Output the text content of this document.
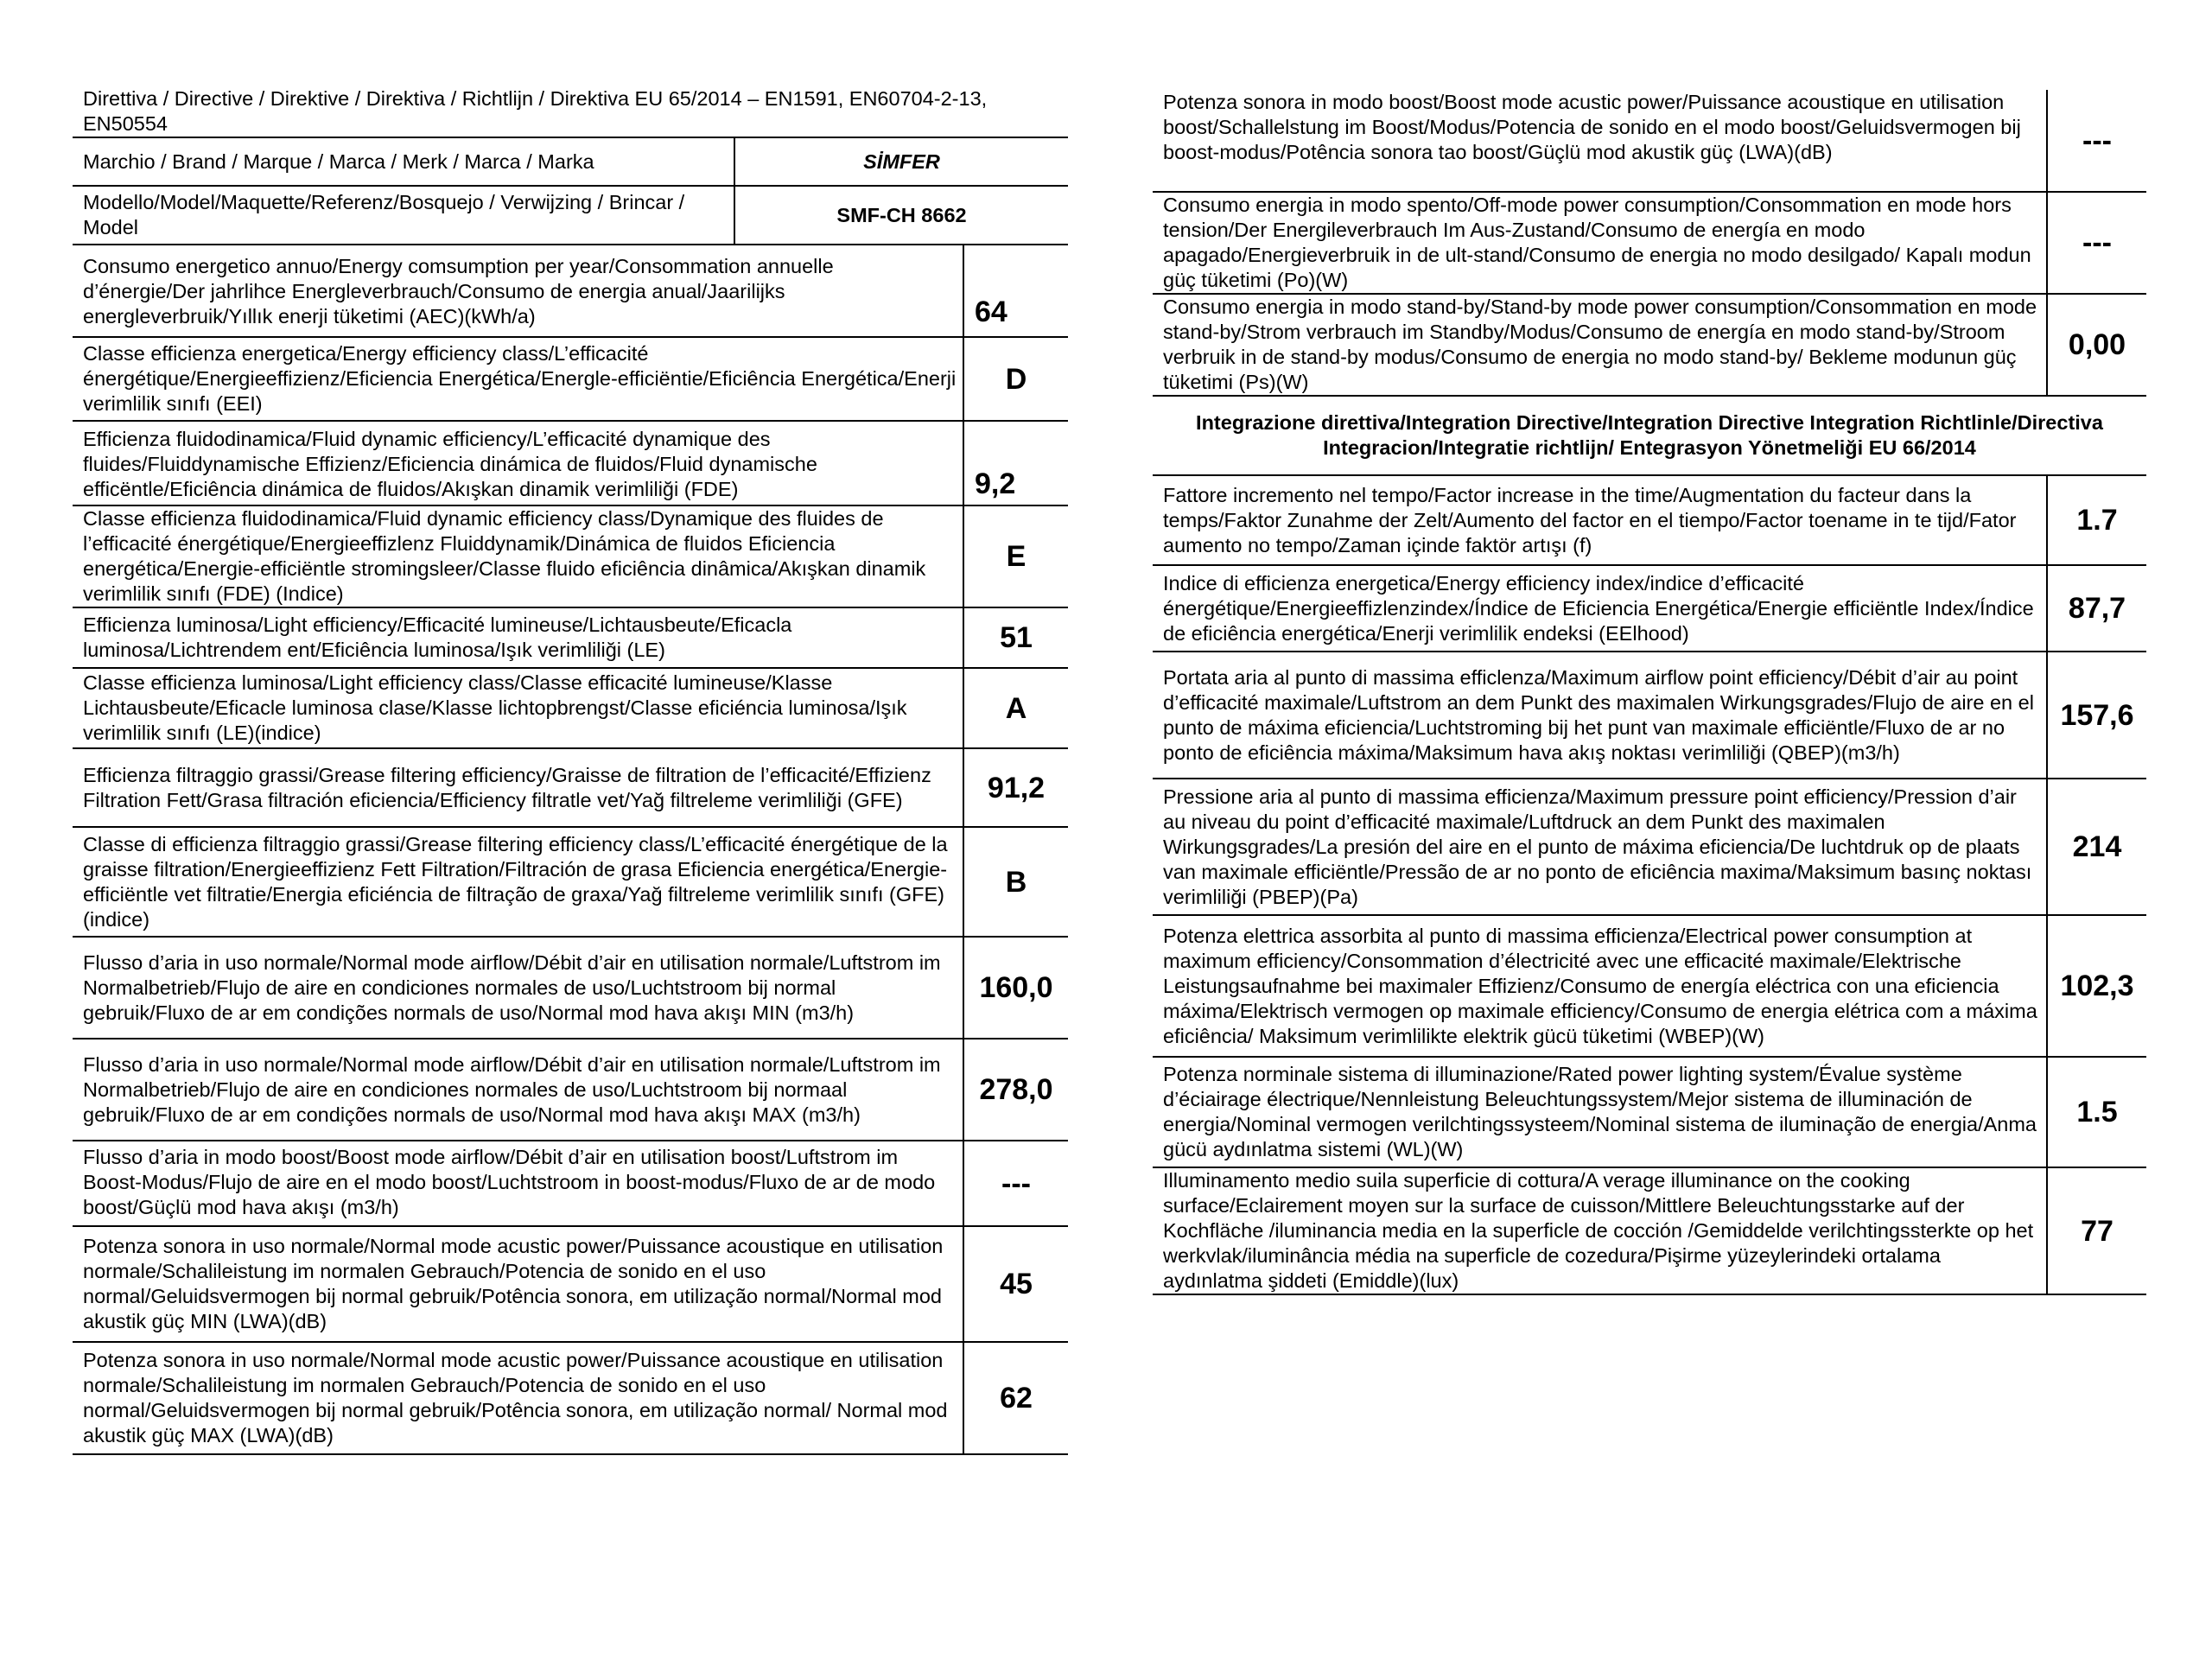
Direttiva / Directive / Direktive / Direktiva / Richtlijn / Direktiva EU 65/2014 – EN1591, EN60704-2-13, EN50554		
Marchio / Brand / Marque / Marca / Merk / Marca / Marka	SİMFER	
Modello/Model/Maquette/Referenz/Bosquejo / Verwijzing / Brincar / Model	SMF-CH 8662	
Consumo energetico annuo/Energy comsumption per year/Consommation annuelle d’énergie/Der jahrlihce Energleverbrauch/Consumo de energia anual/Jaarilijks energleverbruik/Yıllık enerji tüketimi (AEC)(kWh/a)		64
Classe efficienza energetica/Energy efficiency class/L’efficacité énergétique/Energieeffizienz/Eficiencia Energética/Energle-efficiëntie/Eficiência Energética/Enerji verimlilik sınıfı (EEI)		D
Efficienza fluidodinamica/Fluid dynamic efficiency/L’efficacité dynamique des fluides/Fluiddynamische Effizienz/Eficiencia dinámica de fluidos/Fluid dynamische efficëntle/Eficiência dinámica de fluidos/Akışkan dinamik verimliliği (FDE)		9,2
Classe efficienza fluidodinamica/Fluid dynamic efficiency class/Dynamique des fluides de l’efficacité énergétique/Energieeffizlenz Fluiddynamik/Dinámica de fluidos Eficiencia energética/Energie-efficiëntle stromingsleer/Classe fluido eficiência dinâmica/Akışkan dinamik verimlilik sınıfı (FDE) (Indice)		E
Efficienza luminosa/Light efficiency/Efficacité lumineuse/Lichtausbeute/Eficacla luminosa/Lichtrendem ent/Eficiência luminosa/Işık verimliliği (LE)		51
Classe efficienza luminosa/Light efficiency class/Classe efficacité lumineuse/Klasse Lichtausbeute/Eficacle luminosa clase/Klasse lichtopbrengst/Classe eficiéncia luminosa/Işık verimlilik sınıfı (LE)(indice)		A
Efficienza filtraggio grassi/Grease filtering efficiency/Graisse de filtration de l’efficacité/Effizienz Filtration Fett/Grasa filtración eficiencia/Efficiency filtratle vet/Yağ filtreleme verimliliği (GFE)		91,2
Classe di efficienza filtraggio grassi/Grease filtering efficiency class/L’efficacité énergétique de la graisse filtration/Energieeffizienz Fett Filtration/Filtración de grasa Eficiencia energética/Energie-efficiëntle vet filtratie/Energia eficiéncia de filtração de graxa/Yağ filtreleme verimlilik sınıfı (GFE)(indice)		B
Flusso d’aria in uso normale/Normal mode airflow/Débit d’air en utilisation normale/Luftstrom im Normalbetrieb/Flujo de aire en condiciones normales de uso/Luchtstroom bij normal gebruik/Fluxo de ar em condições normals de uso/Normal mod hava akışı MIN (m3/h)		160,0
Flusso d’aria in uso normale/Normal mode airflow/Débit d’air en utilisation normale/Luftstrom im Normalbetrieb/Flujo de aire en condiciones normales de uso/Luchtstroom bij normaal gebruik/Fluxo de ar em condições normals de uso/Normal mod hava akışı MAX (m3/h)		278,0
Flusso d’aria in modo boost/Boost mode airflow/Débit d’air en utilisation boost/Luftstrom im Boost-Modus/Flujo de aire en el modo boost/Luchtstroom in boost-modus/Fluxo de ar de modo boost/Güçlü mod hava akışı (m3/h)		---
Potenza sonora in uso normale/Normal mode acustic power/Puissance acoustique en utilisation normale/Schalileistung im normalen Gebrauch/Potencia de sonido en el uso normal/Geluidsvermogen bij normal gebruik/Potência sonora, em utilização normal/Normal mod akustik güç MIN (LWA)(dB)		45
Potenza sonora in uso normale/Normal mode acustic power/Puissance acoustique en utilisation normale/Schalileistung im normalen Gebrauch/Potencia de sonido en el uso normal/Geluidsvermogen bij normal gebruik/Potência sonora, em utilização normal/ Normal mod akustik güç MAX (LWA)(dB)		62
Potenza sonora in modo boost/Boost mode acustic power/Puissance acoustique en utilisation boost/Schallelstung im Boost/Modus/Potencia de sonido en el modo boost/Geluidsvermogen bij boost-modus/Potência sonora tao boost/Güçlü mod akustik güç (LWA)(dB)	---
Consumo energia in modo spento/Off-mode power consumption/Consommation en mode hors tension/Der Energileverbrauch Im Aus-Zustand/Consumo de energía en modo apagado/Energieverbruik in de ult-stand/Consumo de energia no modo desilgado/ Kapalı modun güç tüketimi (Po)(W)	---
Consumo energia in modo stand-by/Stand-by mode power consumption/Consommation en mode stand-by/Strom verbrauch im Standby/Modus/Consumo de energía en modo stand-by/Stroom verbruik in de stand-by modus/Consumo de energia no modo stand-by/ Bekleme modunun güç tüketimi (Ps)(W)	0,00
Integrazione direttiva/Integration Directive/Integration Directive Integration Richtlinle/Directiva Integracion/Integratie richtlijn/ Entegrasyon Yönetmeliği EU 66/2014	
Fattore incremento nel tempo/Factor increase in the time/Augmentation du facteur dans la temps/Faktor Zunahme der Zelt/Aumento del factor en el tiempo/Factor toename in te tijd/Fator aumento no tempo/Zaman içinde faktör artışı (f)	1.7
Indice di efficienza energetica/Energy efficiency index/indice d’efficacité énergétique/Energieeffizlenzindex/Índice de Eficiencia Energética/Energie efficiëntle Index/Índice de eficiência energética/Enerji verimlilik endeksi (EElhood)	87,7
Portata aria al punto di massima efficlenza/Maximum airflow point efficiency/Débit d’air au point d’efficacité maximale/Luftstrom an dem Punkt des maximalen Wirkungsgrades/Flujo de aire en el punto de máxima eficiencia/Luchtstroming bij het punt van maximale efficiëntle/Fluxo de ar no ponto de eficiência máxima/Maksimum hava akış noktası verimliliği (QBEP)(m3/h)	157,6
Pressione aria al punto di massima efficienza/Maximum pressure point efficiency/Pression d’air au niveau du point d’efficacité maximale/Luftdruck an dem Punkt des maximalen Wirkungsgrades/La presión del aire en el punto de máxima eficiencia/De luchtdruk op de plaats van maximale efficiëntle/Pressão de ar no ponto de eficiência maxima/Maksimum basınç noktası verimliliği (PBEP)(Pa)	214
Potenza elettrica assorbita al punto di massima efficienza/Electrical power consumption at maximum efficiency/Consommation d’électricité avec une efficacité maximale/Elektrische Leistungsaufnahme bei maximaler Effizienz/Consumo de energía eléctrica con una eficiencia máxima/Elektrisch vermogen op maximale efficiency/Consumo de energia elétrica com a máxima eficiência/ Maksimum verimlilikte elektrik gücü tüketimi (WBEP)(W)	102,3
Potenza norminale sistema di illuminazione/Rated power lighting system/Évalue système d’éciairage électrique/Nennleistung Beleuchtungssystem/Mejor sistema de illuminación de energia/Nominal vermogen verilchtingssysteem/Nominal sistema de iluminação de energia/Anma gücü aydınlatma sistemi (WL)(W)	1.5
Illuminamento medio suila superficie di cottura/A verage illuminance on the cooking surface/Eclairement moyen sur la surface de cuisson/Mittlere Beleuchtungsstarke auf der Kochfläche /iluminancia media en la superficle de cocción /Gemiddelde verilchtingssterkte op het werkvlak/iluminância média na superficle de cozedura/Pişirme yüzeylerindeki ortalama aydınlatma şiddeti (Emiddle)(lux)	77
